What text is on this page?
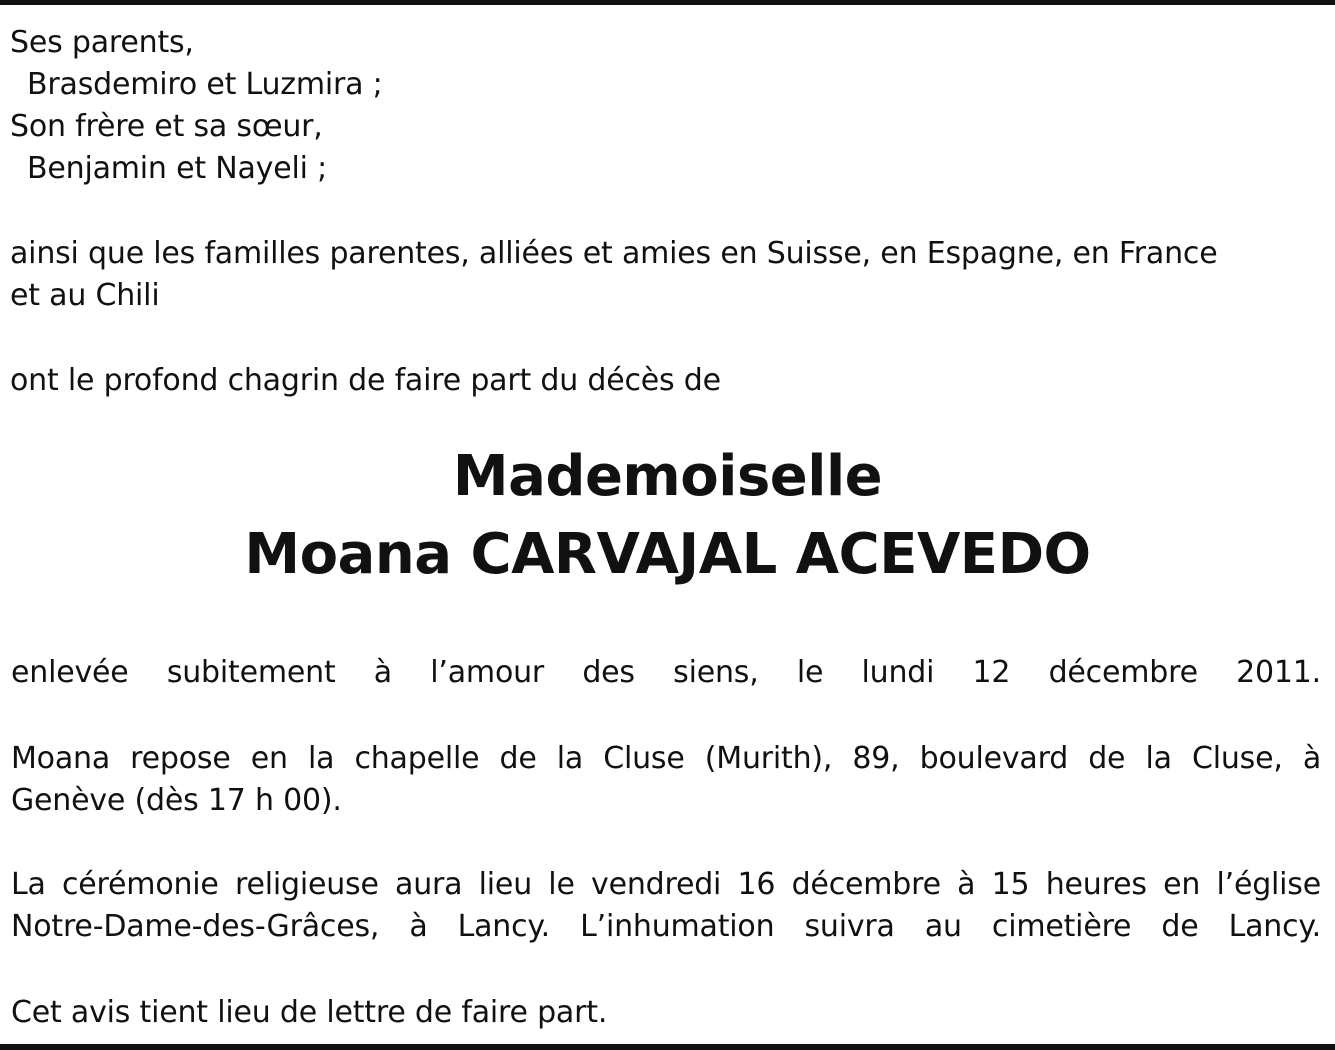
Ses parents,
Brasdemiro et Luzmira ;
Son frère et sa sœur,
Benjamin et Nayeli ;
ainsi que les familles parentes, alliées et amies en Suisse, en Espagne, en France
et au Chili
ont le profond chagrin de faire part du décès de
Mademoiselle
Moana CARVAJAL ACEVEDO
enlevée subitement à l’amour des siens, le lundi 12 décembre 2011.
Moana repose en la chapelle de la Cluse (Murith), 89, boulevard de la Cluse, à
Genève (dès 17 h 00).
La cérémonie religieuse aura lieu le vendredi 16 décembre à 15 heures en l’église
Notre-Dame-des-Grâces, à Lancy. L’inhumation suivra au cimetière de Lancy.
Cet avis tient lieu de lettre de faire part.
